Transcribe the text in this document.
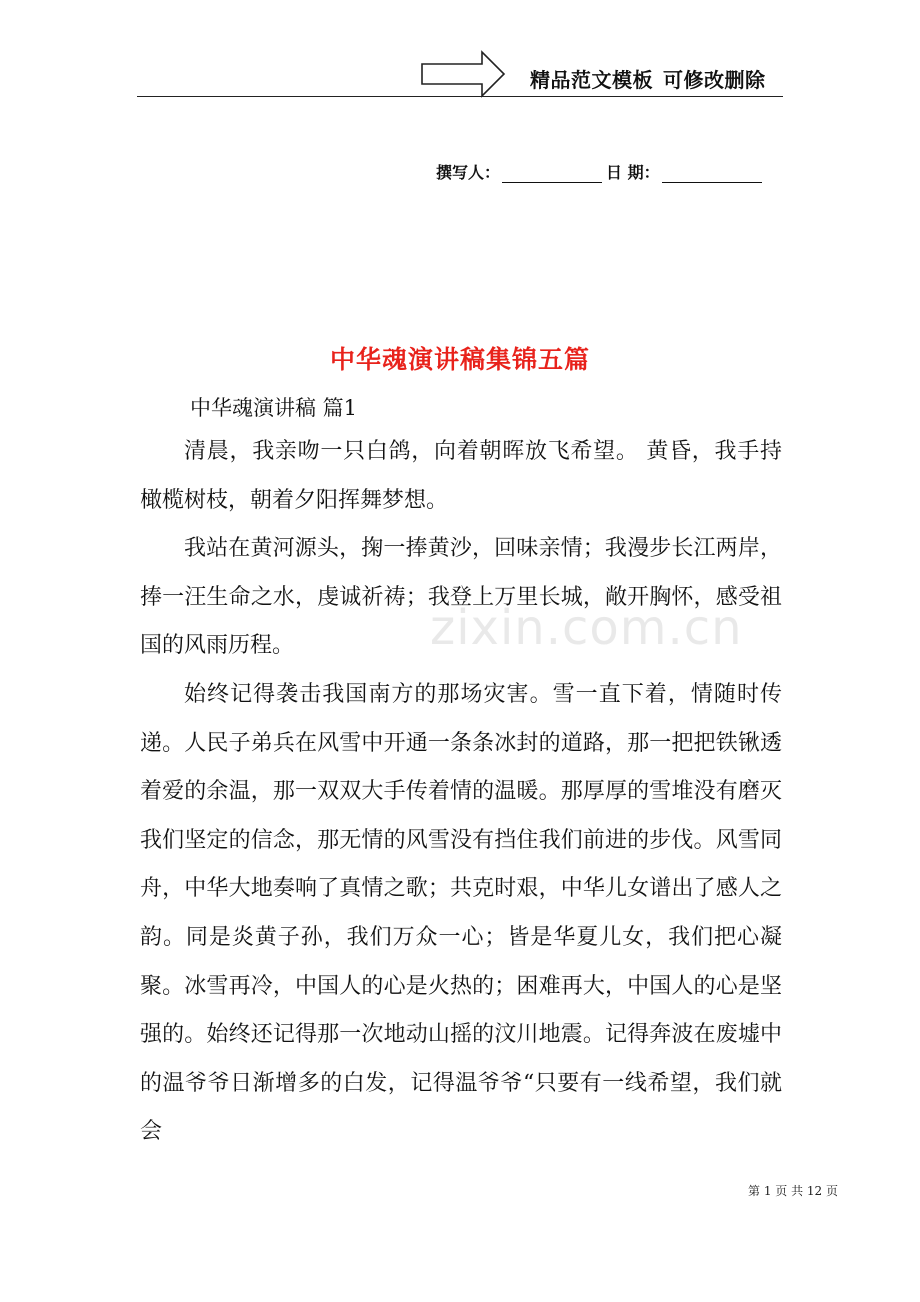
精品范文模板 可修改删除
撰写人：	日 期：
中华魂演讲稿集锦五篇
中华魂演讲稿 篇1

清晨，我亲吻一只白鸽，向着朝晖放飞希望。 黄昏，我手持橄榄树枝，朝着夕阳挥舞梦想。

我站在黄河源头，掬一捧黄沙，回味亲情；我漫步长江两岸，捧一汪生命之水，虔诚祈祷；我登上万里长城，敞开胸怀，感受祖国的风雨历程。

始终记得袭击我国南方的那场灾害。雪一直下着，情随时传递。人民子弟兵在风雪中开通一条条冰封的道路，那一把把铁锹透着爱的余温，那一双双大手传着情的温暖。那厚厚的雪堆没有磨灭我们坚定的信念，那无情的风雪没有挡住我们前进的步伐。风雪同舟，中华大地奏响了真情之歌；共克时艰，中华儿女谱出了感人之韵。同是炎黄子孙，我们万众一心；皆是华夏儿女，我们把心凝聚。冰雪再冷，中国人的心是火热的；困难再大，中国人的心是坚强的。始终还记得那一次地动山摇的汶川地震。记得奔波在废墟中的温爷爷日渐增多的白发，记得温爷爷“只要有一线希望，我们就会

zixin.com.cn
第 1 页 共 12 页
